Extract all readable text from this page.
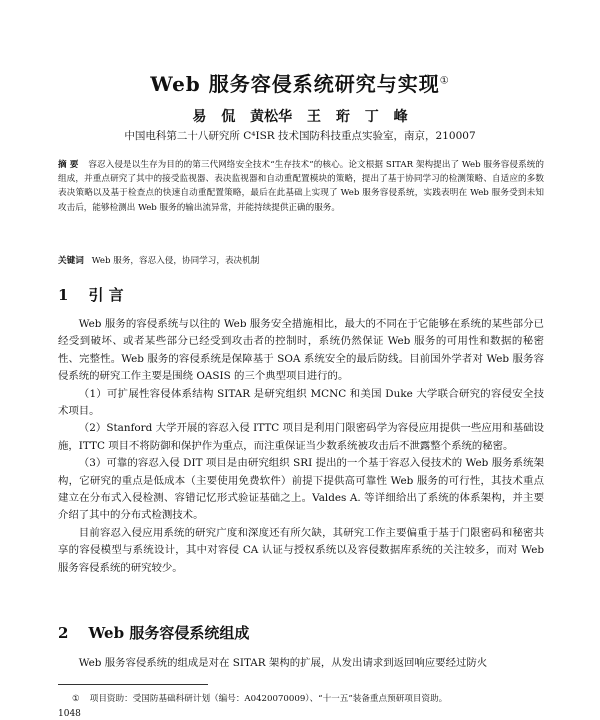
Web 服务容侵系统研究与实现①
易 侃 黄松华 王 珩 丁 峰
中国电科第二十八研究所 C⁴ISR 技术国防科技重点实验室，南京，210007
摘 要 容忍入侵是以生存为目的的第三代网络安全技术“生存技术”的核心。论文根据 SITAR 架构提出了 Web 服务容侵系统的组成，并重点研究了其中的接受监视器、表决监视器和自动重配置模块的策略，提出了基于协同学习的检测策略、自适应的多数表决策略以及基于检查点的快速自动重配置策略，最后在此基础上实现了 Web 服务容侵系统，实践表明在 Web 服务受到未知攻击后，能够检测出 Web 服务的输出流异常，并能持续提供正确的服务。
关键词 Web 服务，容忍入侵，协同学习，表决机制
1 引 言

Web 服务的容侵系统与以往的 Web 服务安全措施相比，最大的不同在于它能够在系统的某些部分已经受到破坏、或者某些部分已经受到攻击者的控制时，系统仍然保证 Web 服务的可用性和数据的秘密性、完整性。Web 服务的容侵系统是保障基于 SOA 系统安全的最后防线。目前国外学者对 Web 服务容侵系统的研究工作主要是围绕 OASIS 的三个典型项目进行的。

（1）可扩展性容侵体系结构 SITAR 是研究组织 MCNC 和美国 Duke 大学联合研究的容侵安全技术项目。

（2）Stanford 大学开展的容忍入侵 ITTC 项目是利用门限密码学为容侵应用提供一些应用和基础设施，ITTC 项目不将防御和保护作为重点，而注重保证当少数系统被攻击后不泄露整个系统的秘密。

（3）可靠的容忍入侵 DIT 项目是由研究组织 SRI 提出的一个基于容忍入侵技术的 Web 服务系统架构，它研究的重点是低成本（主要使用免费软件）前提下提供高可靠性 Web 服务的可行性，其技术重点建立在分布式入侵检测、容错记忆形式验证基础之上。Valdes A. 等详细给出了系统的体系架构，并主要介绍了其中的分布式检测技术。

目前容忍入侵应用系统的研究广度和深度还有所欠缺，其研究工作主要偏重于基于门限密码和秘密共享的容侵模型与系统设计，其中对容侵 CA 认证与授权系统以及容侵数据库系统的关注较多，而对 Web 服务容侵系统的研究较少。

2 Web 服务容侵系统组成
Web 服务容侵系统的组成是对在 SITAR 架构的扩展，从发出请求到返回响应要经过防火
① 项目资助：受国防基础科研计划（编号：A0420070009）、“十一五”装备重点预研项目资助。
1048
